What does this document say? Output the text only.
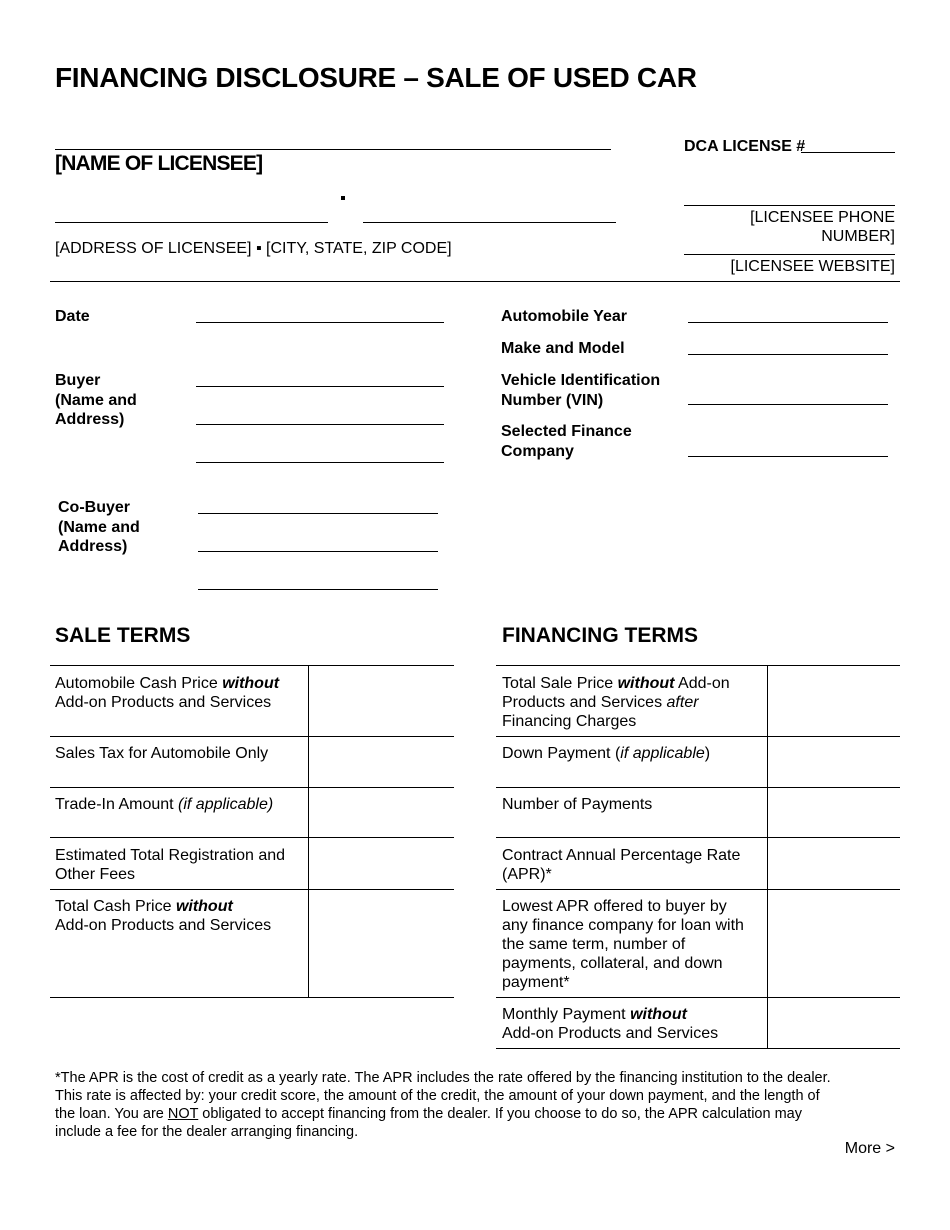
FINANCING DISCLOSURE – SALE OF USED CAR
[NAME OF LICENSEE]
[ADDRESS OF LICENSEE] ▪ [CITY, STATE, ZIP CODE]
DCA LICENSE #
[LICENSEE PHONE NUMBER]
[LICENSEE WEBSITE]
Date
Buyer
(Name and
Address)
Co-Buyer
(Name and
Address)
Automobile Year
Make and Model
Vehicle Identification
Number (VIN)
Selected Finance
Company
SALE TERMS	FINANCING TERMS
Automobile Cash Price without
Add-on Products and Services
Sales Tax for Automobile Only
Trade-In Amount (if applicable)
Estimated Total Registration and
Other Fees
Total Cash Price without
Add-on Products and Services
Total Sale Price without Add-on
Products and Services after
Financing Charges
Down Payment (if applicable)
Number of Payments
Contract Annual Percentage Rate
(APR)*
Lowest APR offered to buyer by
any finance company for loan with
the same term, number of
payments, collateral, and down
payment*
Monthly Payment without
Add-on Products and Services
*The APR is the cost of credit as a yearly rate. The APR includes the rate offered by the financing institution to the dealer.
This rate is affected by: your credit score, the amount of the credit, the amount of your down payment, and the length of
the loan. You are NOT obligated to accept financing from the dealer. If you choose to do so, the APR calculation may
include a fee for the dealer arranging financing.
More >
